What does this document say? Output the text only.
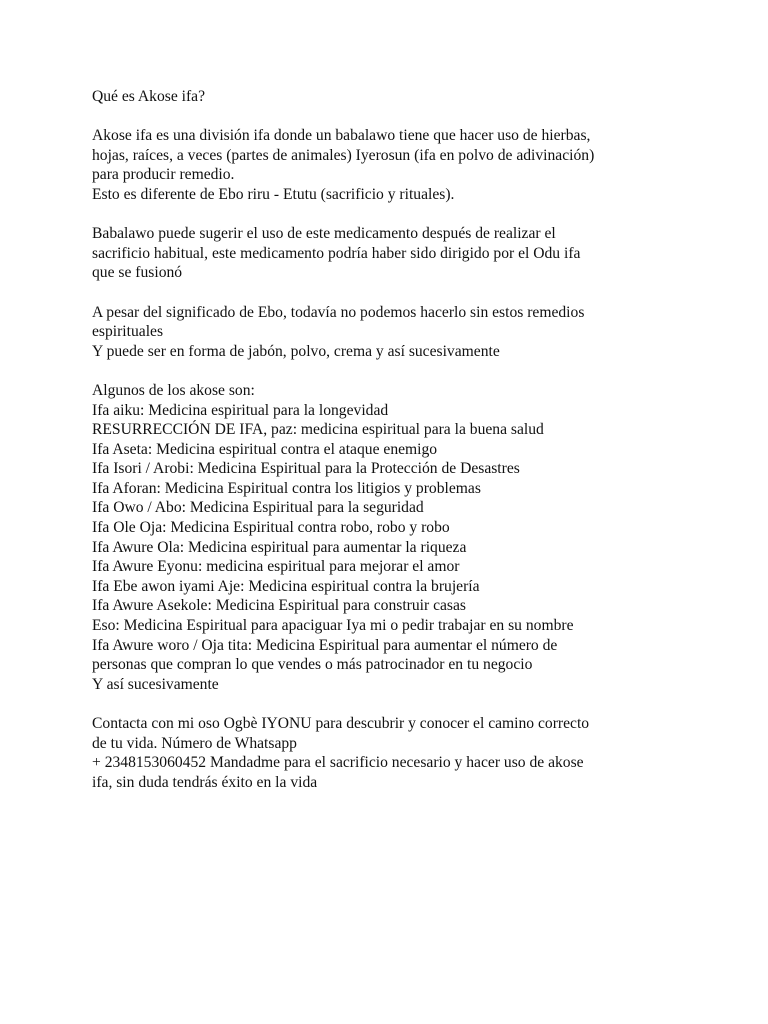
Qué es Akose ifa?

Akose ifa es una división ifa donde un babalawo tiene que hacer uso de hierbas,
hojas, raíces, a veces (partes de animales) Iyerosun (ifa en polvo de adivinación)
para producir remedio.
Esto es diferente de Ebo riru - Etutu (sacrificio y rituales).

Babalawo puede sugerir el uso de este medicamento después de realizar el
sacrificio habitual, este medicamento podría haber sido dirigido por el Odu ifa
que se fusionó

A pesar del significado de Ebo, todavía no podemos hacerlo sin estos remedios
espirituales
Y puede ser en forma de jabón, polvo, crema y así sucesivamente

Algunos de los akose son:
Ifa aiku: Medicina espiritual para la longevidad
RESURRECCIÓN DE IFA, paz: medicina espiritual para la buena salud
Ifa Aseta: Medicina espiritual contra el ataque enemigo
Ifa Isori / Arobi: Medicina Espiritual para la Protección de Desastres
Ifa Aforan: Medicina Espiritual contra los litigios y problemas
Ifa Owo / Abo: Medicina Espiritual para la seguridad
Ifa Ole Oja: Medicina Espiritual contra robo, robo y robo
Ifa Awure Ola: Medicina espiritual para aumentar la riqueza
Ifa Awure Eyonu: medicina espiritual para mejorar el amor
Ifa Ebe awon iyami Aje: Medicina espiritual contra la brujería
Ifa Awure Asekole: Medicina Espiritual para construir casas
Eso: Medicina Espiritual para apaciguar Iya mi o pedir trabajar en su nombre
Ifa Awure woro / Oja tita: Medicina Espiritual para aumentar el número de
personas que compran lo que vendes o más patrocinador en tu negocio
Y así sucesivamente

Contacta con mi oso Ogbè IYONU para descubrir y conocer el camino correcto
de tu vida. Número de Whatsapp
+ 2348153060452 Mandadme para el sacrificio necesario y hacer uso de akose
ifa, sin duda tendrás éxito en la vida
